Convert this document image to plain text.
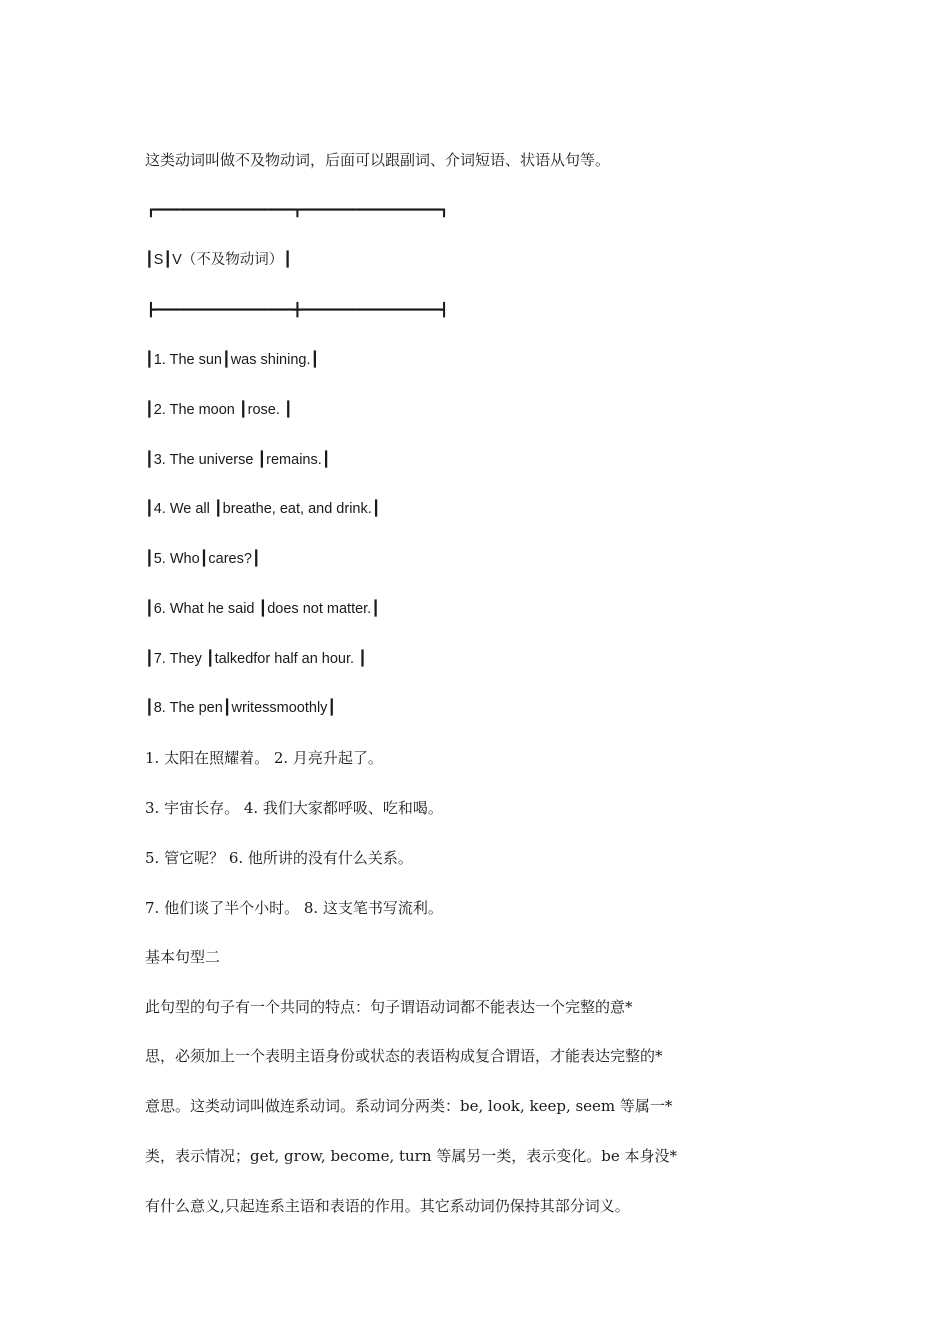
这类动词叫做不及物动词，后面可以跟副词、介词短语、状语从句等。
┏━━━━━━━━━━━━━━━━━━━┳━━━━━━━━━━━━━━━━━━━┓
┃S┃V（不及物动词）┃
┣━━━━━━━━━━━━━━━━━━━╋━━━━━━━━━━━━━━━━━━━┫
┃1. The sun┃was shining.┃
┃2. The moon ┃rose. ┃
┃3. The universe ┃remains.┃
┃4. We all ┃breathe, eat, and drink.┃
┃5. Who┃cares?┃
┃6. What he said ┃does not matter.┃
┃7. They ┃talkedfor half an hour. ┃
┃8. The pen┃writessmoothly┃
1. 太阳在照耀着。 2. 月亮升起了。
3. 宇宙长存。 4. 我们大家都呼吸、吃和喝。
5. 管它呢？ 6. 他所讲的没有什么关系。
7. 他们谈了半个小时。 8. 这支笔书写流利。
基本句型二
此句型的句子有一个共同的特点：句子谓语动词都不能表达一个完整的意*
思，必须加上一个表明主语身份或状态的表语构成复合谓语，才能表达完整的*
意思。这类动词叫做连系动词。系动词分两类：be, look, keep, seem 等属一*
类，表示情况；get, grow, become, turn 等属另一类，表示变化。be 本身没*
有什么意义,只起连系主语和表语的作用。其它系动词仍保持其部分词义。
